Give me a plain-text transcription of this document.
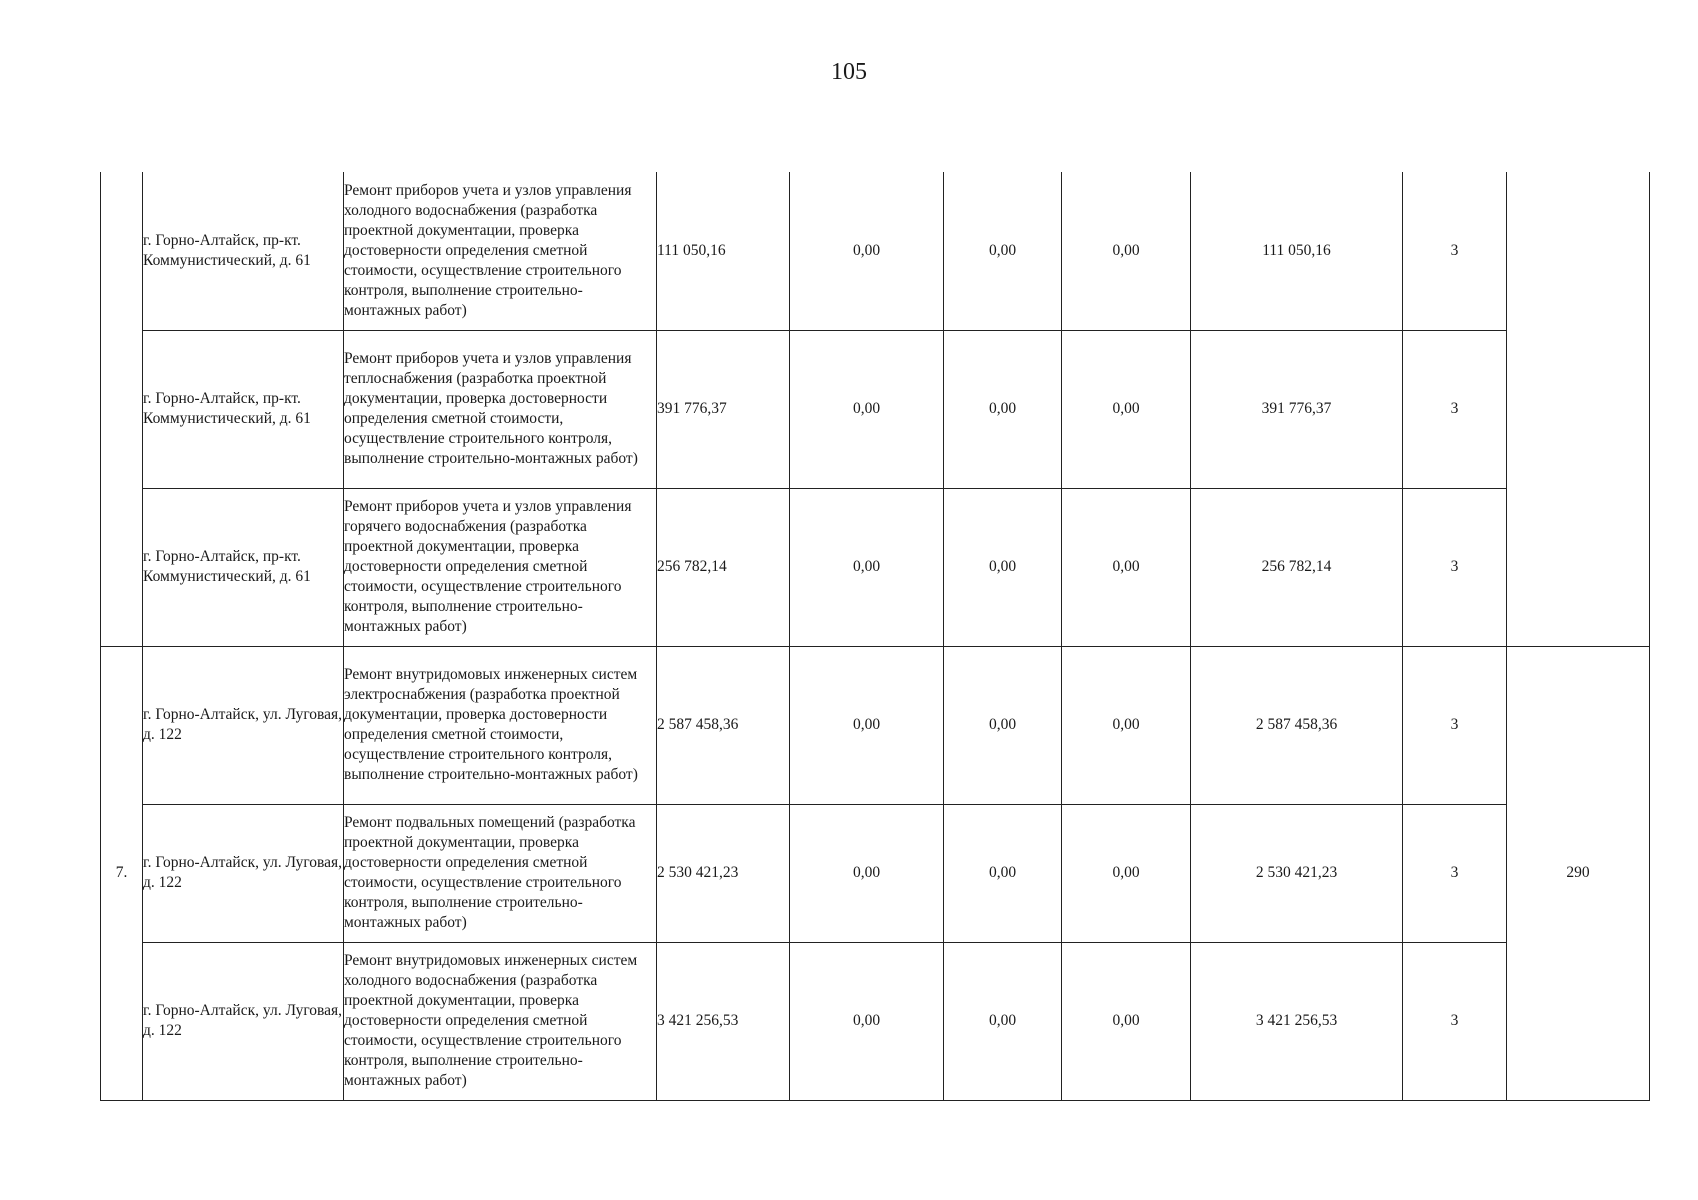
105
	г. Горно-Алтайск, пр-кт. Коммунистический, д. 61	Ремонт приборов учета и узлов управления холодного водоснабжения (разработка проектной документации, проверка достоверности определения сметной стоимости, осуществление строительного контроля, выполнение строительно-монтажных работ)	111 050,16	0,00	0,00	0,00	111 050,16	3	
	г. Горно-Алтайск, пр-кт. Коммунистический, д. 61	Ремонт приборов учета и узлов управления теплоснабжения (разработка проектной документации, проверка достоверности определения сметной стоимости, осуществление строительного контроля, выполнение строительно-монтажных работ)	391 776,37	0,00	0,00	0,00	391 776,37	3	
	г. Горно-Алтайск, пр-кт. Коммунистический, д. 61	Ремонт приборов учета и узлов управления горячего водоснабжения (разработка проектной документации, проверка достоверности определения сметной стоимости, осуществление строительного контроля, выполнение строительно-монтажных работ)	256 782,14	0,00	0,00	0,00	256 782,14	3	
7.	г. Горно-Алтайск, ул. Луговая, д. 122	Ремонт внутридомовых инженерных систем электроснабжения (разработка проектной документации, проверка достоверности определения сметной стоимости, осуществление строительного контроля, выполнение строительно-монтажных работ)	2 587 458,36	0,00	0,00	0,00	2 587 458,36	3	290
	г. Горно-Алтайск, ул. Луговая, д. 122	Ремонт подвальных помещений (разработка проектной документации, проверка достоверности определения сметной стоимости, осуществление строительного контроля, выполнение строительно-монтажных работ)	2 530 421,23	0,00	0,00	0,00	2 530 421,23	3	
	г. Горно-Алтайск, ул. Луговая, д. 122	Ремонт внутридомовых инженерных систем холодного водоснабжения (разработка проектной документации, проверка достоверности определения сметной стоимости, осуществление строительного контроля, выполнение строительно-монтажных работ)	3 421 256,53	0,00	0,00	0,00	3 421 256,53	3	
